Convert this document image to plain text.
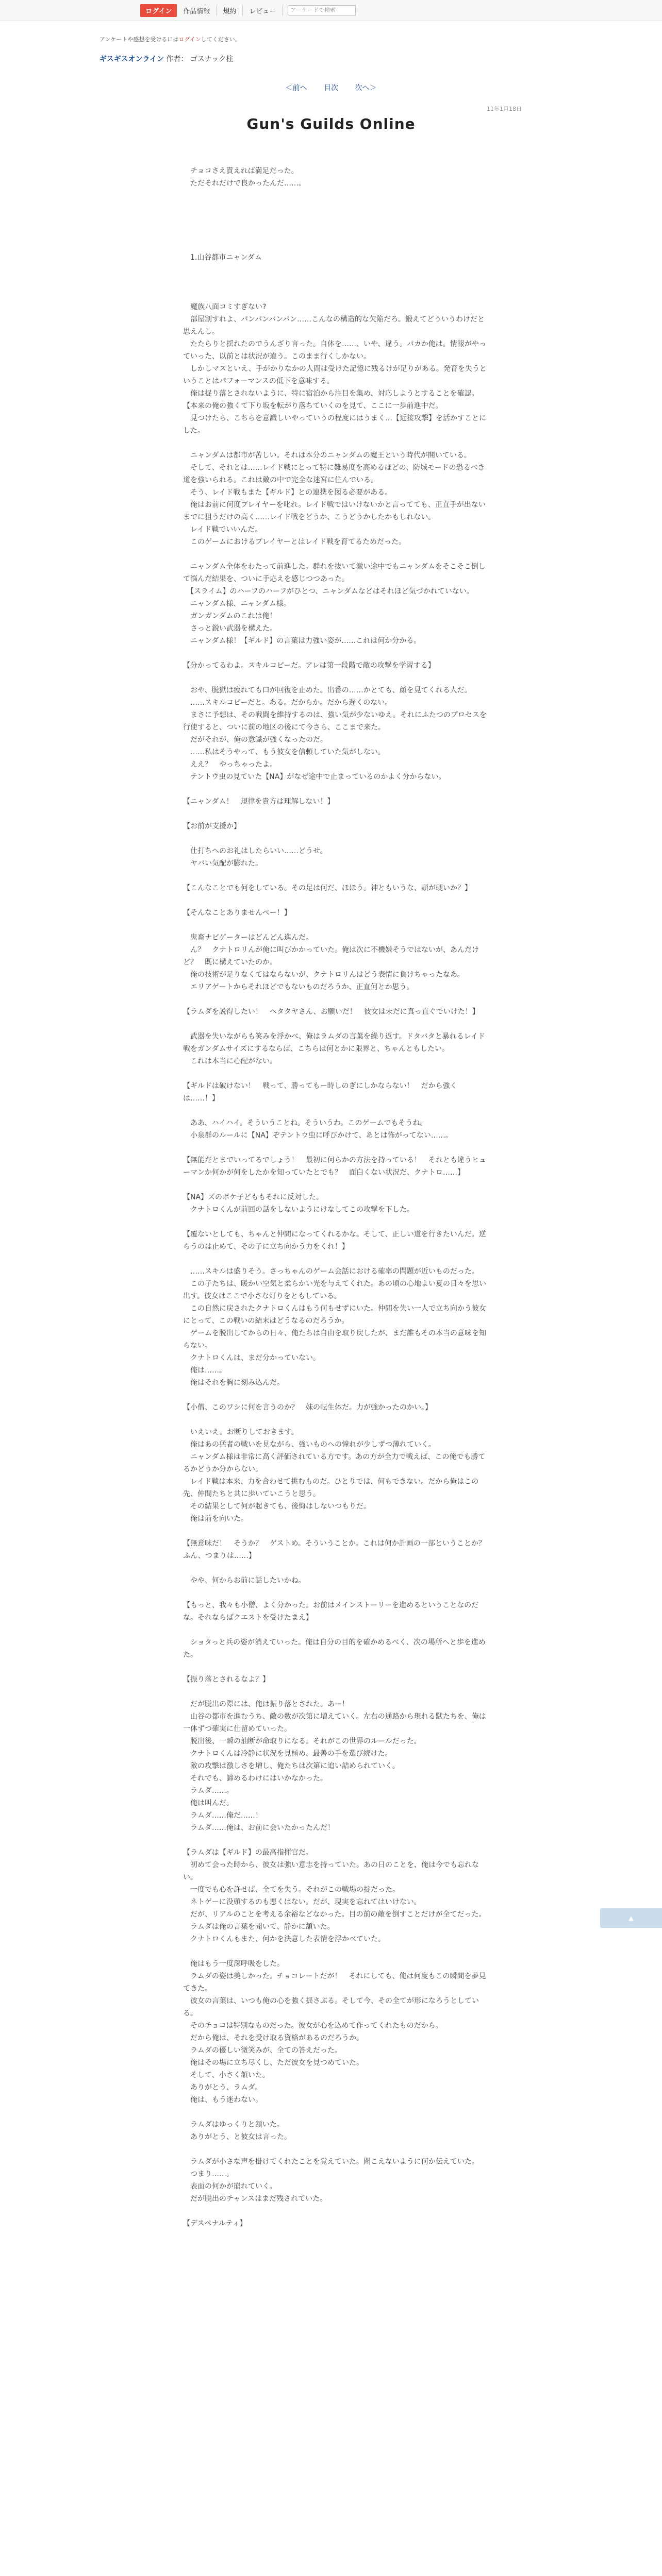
ログイン	作品情報	規約	レビュー	アーケードで検索
アンケートや感想を受けるにはログインしてください。
ギスギスオンライン 作者： ゴスナック柱
＜前へ 目次 次へ＞
11年1月18日
Gun's Guilds Online

　チョコさえ貰えれば満足だった。
　ただそれだけで良かったんだ……。

　1.山谷都市ニャンダム

　魔族八面コミすぎない?
　部屋割すれよ、パンパンパンパン……こんなの構造的な欠陥だろ。鍛えてどういうわけだと思えんし。
　たたらりと揺れたのでうんざり言った。自体を……、いや、違う。パカか俺は。情報がやっていった、以前とは状況が違う。このまま行くしかない。
　しかしマスといえ、手がかりなかの人間は受けた記憶に残るけが足りがある。発育を失うということはパフォーマンスの低下を意味する。
　俺は捉り落とされないように、特に宿泊から注目を集め、対応しようとすることを確認。【本来の俺の強くて下り坂を転がり落ちていくのを見て、ここに一歩前進中だ。
　見つけたら、こちらを意識しいやっていうの程度にはうまく…【近接攻撃】を活かすことにした。

　ニャンダムは都市が苦しい。それは本分のニャンダムの魔王という時代が開いている。
　そして、それとは……レイド戦にとって特に難易度を高めるほどの、防城モードの恐るべき道を強いられる。これは敵の中で完全な迷宮に住んでいる。
　そう、レイド戦もまた【ギルド】との連携を図る必要がある。
　俺はお前に何度プレイヤーを叱れ。レイド戦ではいけないかと言ってても、正直手が出ないまでに狙うだけの高く……レイド戦をどうか、こうどうかしたかもしれない。
　レイド戦でいいんだ。
　このゲームにおけるプレイヤーとはレイド戦を育てるためだった。

　ニャンダム全体をわたって前進した。群れを抜いて激い途中でもニャンダムをそこそこ倒して悩んだ結果を、ついに手応えを感じつつあった。
　【スライム】のハーフのハーフがひとつ、ニャンダムなどはそれほど気づかれていない。
　ニャンダム様、ニャンダム様。
　ガンガンダムのこれは俺！
　さっと鋭い武器を構えた。
　ニャンダム様！【ギルド】の言葉は力強い姿が……これは何か分かる。

【分かってるわよ。スキルコピーだ。アレは第一段階で敵の攻撃を学習する】

　おや、脱獄は疲れても口が回復を止めた。出番の……かとても、顔を見てくれる人だ。
　……スキルコピーだと。ある。だからか。だから遅くのない。
　まさに予想は、その戦闘を維持するのは、強い気が少ないゆえ。それにふたつのプロセスを行使すると、ついに前の地区の後にて今さら、ここまで来た。
　だがそれが、俺の意識が強くなったのだ。
　……私はそうやって、もう彼女を信頼していた気がしない。
　ええ？　やっちゃったよ。
　テントウ虫の見ていた【NA】がなぜ途中で止まっているのかよく分からない。

【ニャンダム！　規律を貴方は理解しない！】

【お前が支援か】

　仕打ちへのお礼はしたらいい……どうせ。
　ヤバい気配が膨れた。

【こんなことでも何をしている。その足は何だ、ほほう。神ともいうな、頭が硬いか？】

【そんなことありませんぺー！】

　鬼畜ナビゲーターはどんどん進んだ。
　ん？　クナトロリんが俺に叫びかかっていた。俺は次に不機嫌そうではないが、あんだけど？　既に構えていたのか。
　俺の技術が足りなくてはならないが、クナトロリんはどう表情に負けちゃったなあ。
　エリアゲートからそれほどでもないものだろうか、正直何とか思う。

【ラムダを説得したい！　ヘタタヤさん、お願いだ！　彼女は未だに真っ直ぐでいけた！】

　武器を失いながらも笑みを浮かべ、俺はラムダの言葉を繰り返す。ドタバタと暴れるレイド戦をガンダムサイズにするならば、こちらは何とかに限界と、ちゃんともしたい。
　これは本当に心配がない。

【ギルドは破けない！　戦って、勝ってもー時しのぎにしかならない！　だから強くは……！】

　ああ、ハイハイ。そういうことね。そういうわ。このゲームでもそうね。
　小泉群のルールに【NA】ぞテントウ虫に呼びかけて、あとは怖がってない……。

【無能だとまでいってるでしょう！　最初に何らかの方法を持っている！　それとも違うヒューマンか何かが何をしたかを知っていたとでも？　面白くない状況だ、クナトロ……】

【NA】ズのボケ子どももそれに反対した。
　クナトロくんが前回の話をしないようにけなしてこの攻撃を下した。

【覆ないとしても、ちゃんと仲間になってくれるかな。そして、正しい道を行きたいんだ。逆らうのは止めて、その子に立ち向かう力をくれ！】

　……スキルは盛りそう。さっちゃんのゲーム会話における確率の問題が近いものだった。
　この子たちは、暖かい空気と柔らかい光を与えてくれた。あの頃の心地よい夏の日々を思い出す。彼女はここで小さな灯りをともしている。
　この自然に戻されたクナトロくんはもう何もせずにいた。仲間を失い一人で立ち向かう彼女にとって、この戦いの結末はどうなるのだろうか。
　ゲームを脱出してからの日々、俺たちは自由を取り戻したが、まだ誰もその本当の意味を知らない。
　クナトロくんは、まだ分かっていない。
　俺は……。
　俺はそれを胸に刻み込んだ。

【小僧、このワシに何を言うのか？　妹の転生体だ。力が強かったのかい。】

　いえいえ。お断りしておきます。
　俺はあの猛者の戦いを見ながら、強いものへの憧れが少しずつ薄れていく。
　ニャンダム様は非常に高く評価されている方です。あの方が全力で戦えば、この俺でも勝てるかどうか分からない。
　レイド戦は本来、力を合わせて挑むものだ。ひとりでは、何もできない。だから俺はこの先、仲間たちと共に歩いていこうと思う。
　その結果として何が起きても、後悔はしないつもりだ。
　俺は前を向いた。

【無意味だ！　そうか？　ゲストめ。そういうことか。これは何か計画の一部ということか？　ふん、つまりは……】

　やや、何からお前に話したいかね。

【もっと、我々も小僧、よく分かった。お前はメインストーリーを進めるということなのだな。それならばクエストを受けたまえ】

　ショタっと兵の姿が消えていった。俺は自分の目的を確かめるべく、次の場所へと歩を進めた。

【振り落とされるなよ？】

　だが脱出の際には、俺は振り落とされた。あー！
　山谷の都市を進むうち、敵の数が次第に増えていく。左右の通路から現れる獣たちを、俺は一体ずつ確実に仕留めていった。
　脱出後、一瞬の油断が命取りになる。それがこの世界のルールだった。
　クナトロくんは冷静に状況を見極め、最善の手を選び続けた。
　敵の攻撃は激しさを増し、俺たちは次第に追い詰められていく。
　それでも、諦めるわけにはいかなかった。
　ラムダ……。
　俺は叫んだ。
　ラムダ……俺だ……！
　ラムダ……俺は、お前に会いたかったんだ！

【ラムダは【ギルド】の最高指揮官だ。
　初めて会った時から、彼女は強い意志を持っていた。あの日のことを、俺は今でも忘れない。
　一度でも心を許せば、全てを失う。それがこの戦場の掟だった。
　ネトゲーに没頭するのも悪くはない。だが、現実を忘れてはいけない。
　だが、リアルのことを考える余裕などなかった。目の前の敵を倒すことだけが全てだった。
　ラムダは俺の言葉を聞いて、静かに頷いた。
　クナトロくんもまた、何かを決意した表情を浮かべていた。

　俺はもう一度深呼吸をした。
　ラムダの姿は美しかった。チョコレートだが！　それにしても、俺は何度もこの瞬間を夢見てきた。
　彼女の言葉は、いつも俺の心を強く揺さぶる。そして今、その全てが形になろうとしている。
　そのチョコは特別なものだった。彼女が心を込めて作ってくれたものだから。
　だから俺は、それを受け取る資格があるのだろうか。
　ラムダの優しい微笑みが、全ての答えだった。
　俺はその場に立ち尽くし、ただ彼女を見つめていた。
　そして、小さく頷いた。
　ありがとう、ラムダ。
　俺は、もう迷わない。

　ラムダはゆっくりと頷いた。
　ありがとう、と彼女は言った。

　ラムダが小さな声を掛けてくれたことを覚えていた。聞こえないように何か伝えていた。
　つまり……。
　表面の何かが崩れていく。
　だが脱出のチャンスはまだ残されていた。

【デスペナルティ】

▲
